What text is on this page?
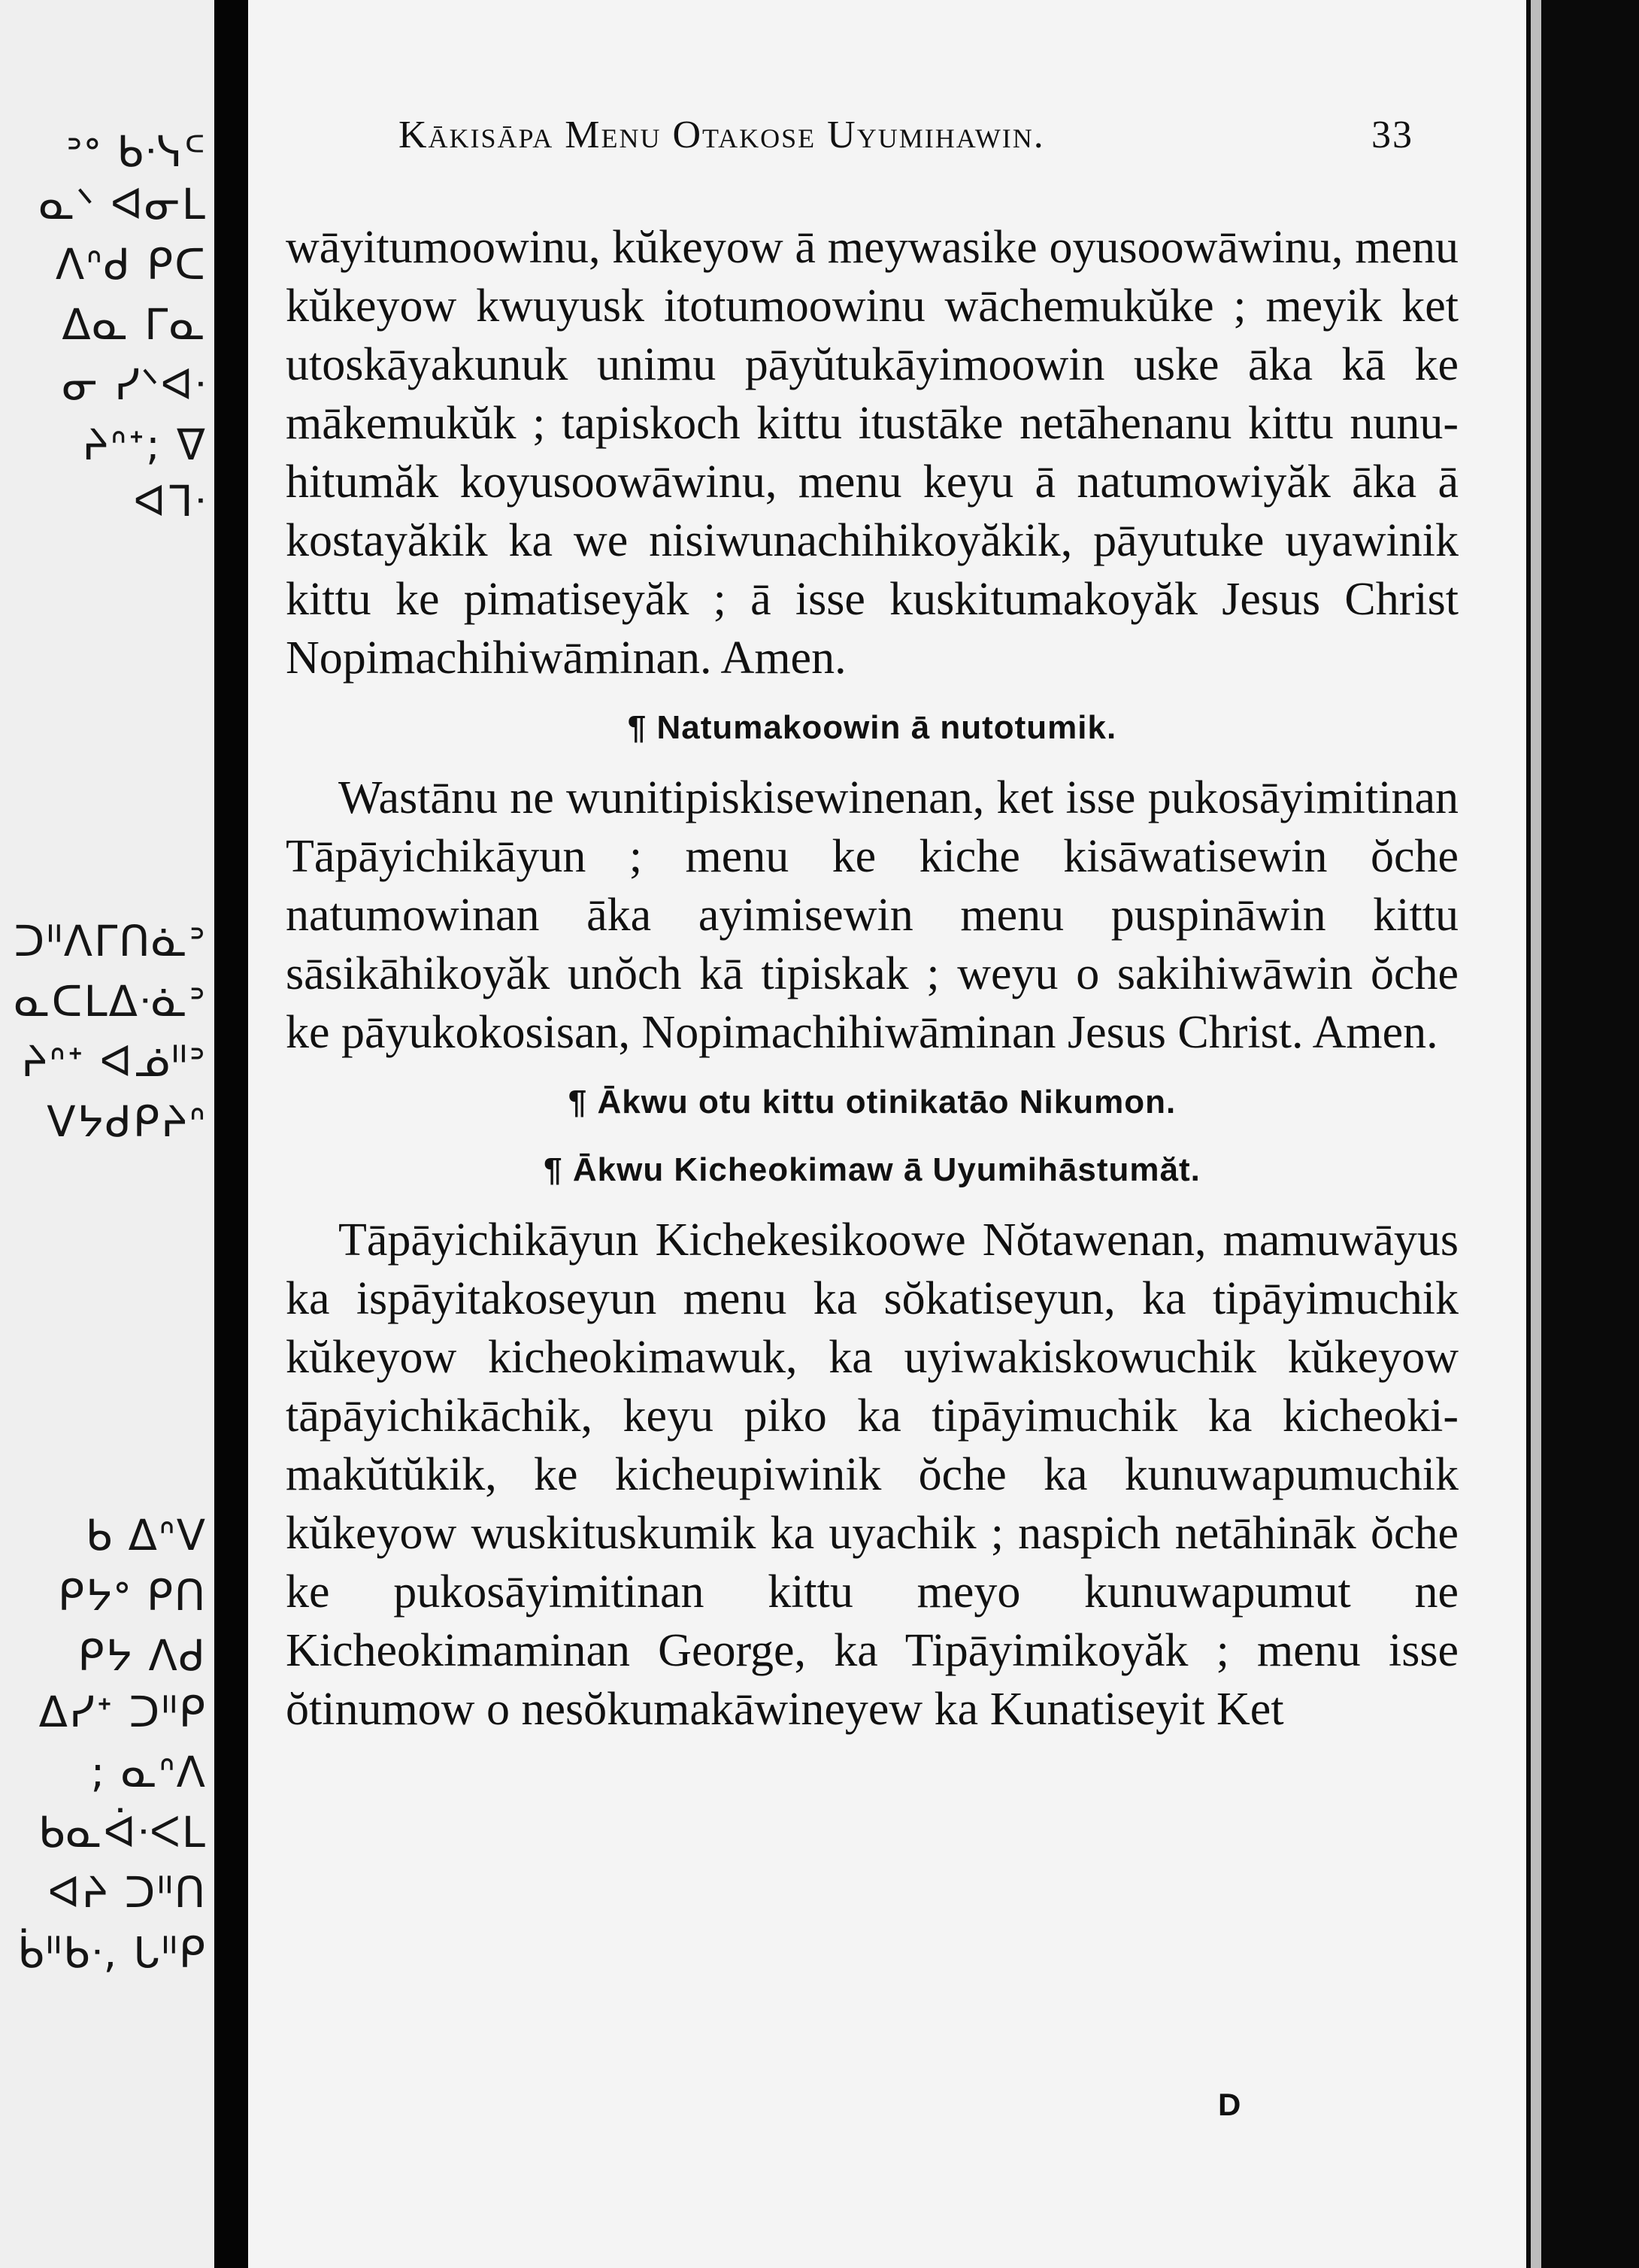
ᐣᐤ ᑲᐧᓭᒼ
ᓇᐠ ᐊᓂᒪ
ᐱᐢᑯ ᑭᑕ
ᐃᓇ ᒥᓇ
ᓂ ᓯᐠᐊᐧ
ᔨᐢᐩ; ᐁ
ᐊᒣᐧ
ᑐᐦᐱᒥᑎᓈᐣ
ᓇᑕᒪᐃᐧᓈᐣ
ᔨᐢᐩ ᐊᓅᐦᐣ
ᐯᔭᑯᑭᔨᐢ
ᑲ ᐃᐢᐯ
ᑭᔭᐤ ᑭᑎ
ᑭᔭ ᐱᑯ
ᐃᓯᐩ ᑐᐦᑭ
; ᓇᐢᐱ
ᑲᓇᐋᐧᐸᒪ
ᐊᔨ ᑐᐦᑎ
ᑳᐦᑲᐧ, ᒐᐦᑭ
Kākisāpa Menu Otakose Uyumihawin.	33

wāyitumoowinu, kŭkeyow ā meywasike oyusoowāwinu, menu kŭkeyow kwuyusk itotumoowinu wāchemukŭke ; meyik ket utoskāyakunuk unimu pāyŭtukāyimoowin uske āka kā ke mākemukŭk ; tapiskoch kittu itustāke netāhenanu kittu nunuhitumăk koyusoowāwinu, menu keyu ā natumowiyăk āka ā kostayăkik ka we nisiwunachihikoyăkik, pāyutuke uyawinik kittu ke pimatiseyăk ; ā isse kuskitumakoyăk Jesus Christ Nopimachihiwāminan. Amen.

¶ Natumakoowin ā nutotumik.

Wastānu ne wunitipiskisewinenan, ket isse pukosāyimitinan Tāpāyichikāyun ; menu ke kiche kisāwatisewin ŏche natumowinan āka ayimisewin menu puspināwin kittu sāsikāhikoyăk unŏch kā tipiskak ; weyu o sakihiwāwin ŏche ke pāyukokosisan, Nopimachihiwāminan Jesus Christ. Amen.

¶ Ākwu otu kittu otinikatāo Nikumon.
¶ Ākwu Kicheokimaw ā Uyumihāstumăt.

Tāpāyichikāyun Kichekesikoowe Nŏtawenan, mamuwāyus ka ispāyitakoseyun menu ka sŏkatiseyun, ka tipāyimuchik kŭkeyow kicheokimawuk, ka uyiwakiskowuchik kŭkeyow tāpāyichikāchik, keyu piko ka tipāyimuchik ka kicheokimakŭtŭkik, ke kicheupiwinik ŏche ka kunuwapumuchik kŭkeyow wuskituskumik ka uyachik ; naspich netāhināk ŏche ke pukosāyimitinan kittu meyo kunuwapumut ne Kicheokimaminan George, ka Tipāyimikoyăk ; menu isse ŏtinumow o nesŏkumakāwineyew ka Kunatiseyit Ket

D
